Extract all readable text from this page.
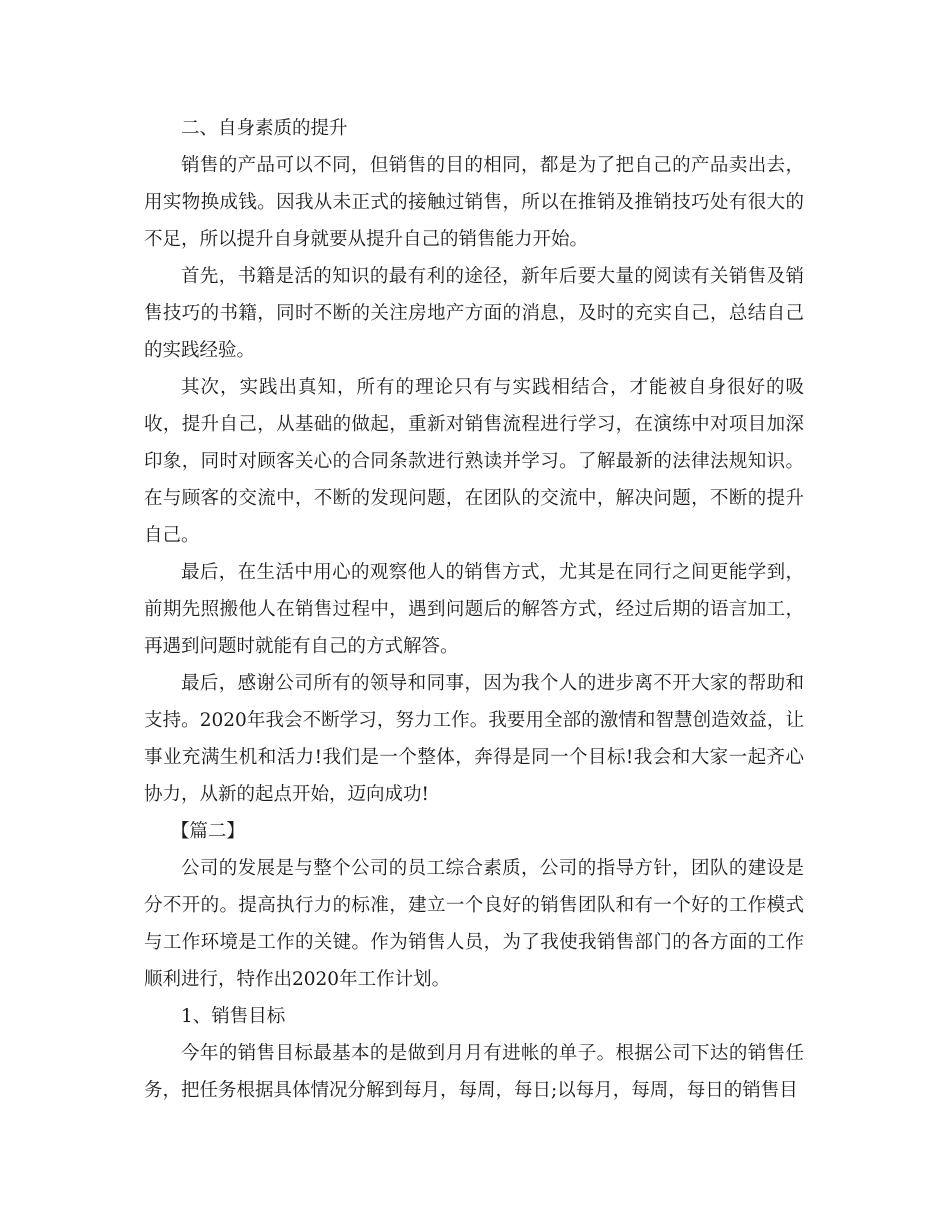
二、自身素质的提升

销售的产品可以不同，但销售的目的相同，都是为了把自己的产品卖出去，用实物换成钱。因我从未正式的接触过销售，所以在推销及推销技巧处有很大的不足，所以提升自身就要从提升自己的销售能力开始。

首先，书籍是活的知识的最有利的途径，新年后要大量的阅读有关销售及销售技巧的书籍，同时不断的关注房地产方面的消息，及时的充实自己，总结自己的实践经验。

其次，实践出真知，所有的理论只有与实践相结合，才能被自身很好的吸收，提升自己，从基础的做起，重新对销售流程进行学习，在演练中对项目加深印象，同时对顾客关心的合同条款进行熟读并学习。了解最新的法律法规知识。在与顾客的交流中，不断的发现问题，在团队的交流中，解决问题，不断的提升自己。

最后，在生活中用心的观察他人的销售方式，尤其是在同行之间更能学到，前期先照搬他人在销售过程中，遇到问题后的解答方式，经过后期的语言加工，再遇到问题时就能有自己的方式解答。

最后，感谢公司所有的领导和同事，因为我个人的进步离不开大家的帮助和支持。2020年我会不断学习，努力工作。我要用全部的激情和智慧创造效益，让事业充满生机和活力!我们是一个整体，奔得是同一个目标!我会和大家一起齐心协力，从新的起点开始，迈向成功!

【篇二】

公司的发展是与整个公司的员工综合素质，公司的指导方针，团队的建设是分不开的。提高执行力的标准，建立一个良好的销售团队和有一个好的工作模式与工作环境是工作的关键。作为销售人员，为了我使我销售部门的各方面的工作顺利进行，特作出2020年工作计划。

1、销售目标

今年的销售目标最基本的是做到月月有进帐的单子。根据公司下达的销售任务，把任务根据具体情况分解到每月，每周，每日;以每月，每周，每日的销售目
